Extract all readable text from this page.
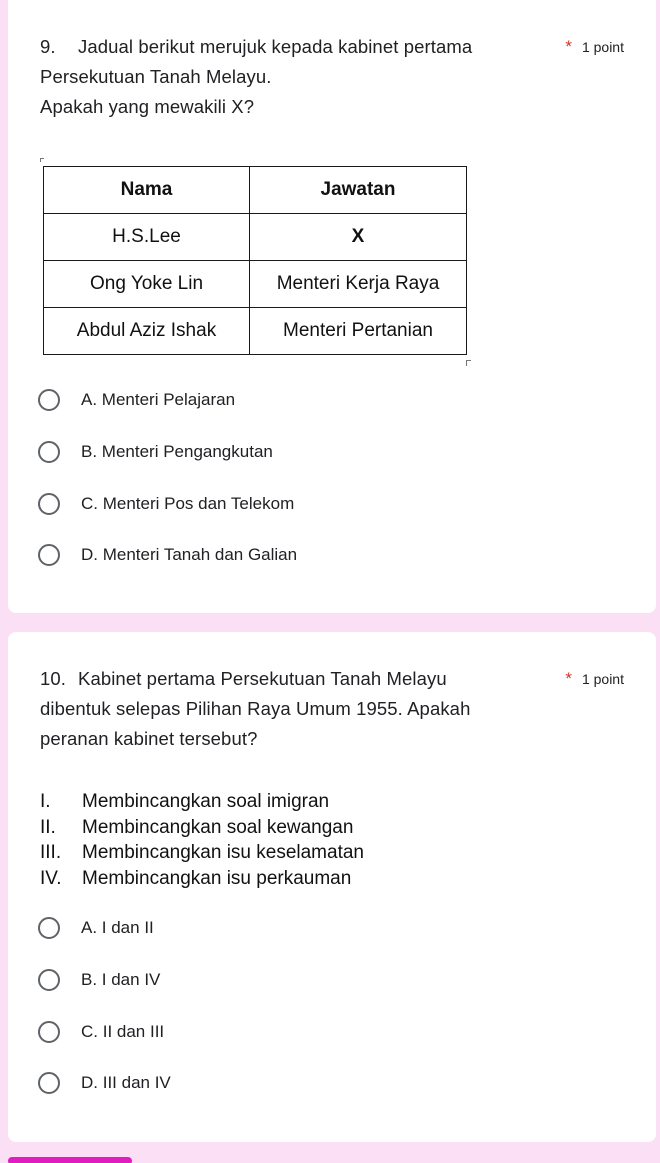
9. Jadual berikut merujuk kepada kabinet pertama
Persekutuan Tanah Melayu.
Apakah yang mewakili X?
* 1 point
Nama	Jawatan
H.S.Lee	X
Ong Yoke Lin	Menteri Kerja Raya
Abdul Aziz Ishak	Menteri Pertanian
A. Menteri Pelajaran
B. Menteri Pengangkutan
C. Menteri Pos dan Telekom
D. Menteri Tanah dan Galian
10. Kabinet pertama Persekutuan Tanah Melayu
dibentuk selepas Pilihan Raya Umum 1955. Apakah
peranan kabinet tersebut?
* 1 point
I.	Membincangkan soal imigran
II.	Membincangkan soal kewangan
III.	Membincangkan isu keselamatan
IV.	Membincangkan isu perkauman
A. I dan II
B. I dan IV
C. II dan III
D. III dan IV
